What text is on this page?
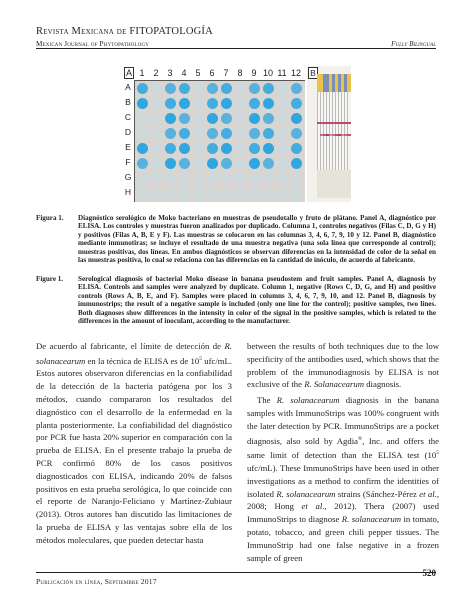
Revista Mexicana de FITOPATOLOGÍA
Mexican Journal of Phytopathology	Fully Bilingual
A 1 2 3 4 5 6 7 8 9 10 11 12
A
B
C
D
E
F
G
H
B
Figura 1. Diagnóstico serológico de Moko bacteriano en muestras de pseudotallo y fruto de plátano. Panel A, diagnóstico por ELISA. Los controles y muestras fueron analizados por duplicado. Columna 1, controles negativos (Filas C, D, G y H) y positivos (Filas A, B, E y F). Las muestras se colocaron en las columnas 3, 4, 6, 7, 9, 10 y 12. Panel B, diagnóstico mediante inmunotiras; se incluye el resultado de una muestra negativa (una sola línea que corresponde al control); muestras positivas, dos líneas. En ambos diagnósticos se observan diferencias en la intensidad de color de la señal en las muestras positiva, lo cual se relaciona con las diferencias en la cantidad de inóculo, de acuerdo al fabricante.
Figure 1. Serological diagnosis of bacterial Moko disease in banana pseudostem and fruit samples. Panel A, diagnosis by ELISA. Controls and samples were analyzed by duplicate. Column 1, negative (Rows C, D, G, and H) and positive controls (Rows A, B, E, and F). Samples were placed in columns 3, 4, 6, 7, 9, 10, and 12. Panel B, diagnosis by immunostrips; the result of a negative sample is included (only one line for the control); positive samples, two lines. Both diagnoses show differences in the intensity in color of the signal in the positive samples, which is related to the differences in the amount of inoculant, according to the manufacturer.

De acuerdo al fabricante, el límite de detección de R. solanacearum en la técnica de ELISA es de $10^5$ ufc/mL. Estos autores observaron diferencias en la confiabilidad de la detección de la bacteria patógena por los 3 métodos, cuando compararon los resultados del diagnóstico con el desarrollo de la enfermedad en la planta posteriormente. La confiabilidad del diagnóstico por PCR fue hasta 20% superior en comparación con la prueba de ELISA. En el presente trabajo la prueba de PCR confirmó 80% de los casos positivos diagnosticados con ELISA, indicando 20% de falsos positivos en esta prueba serológica, lo que coincide con el reporte de Naranjo-Feliciano y Martínez-Zubiaur (2013). Otros autores han discutido las limitaciones de la prueba de ELISA y las ventajas sobre ella de los métodos moleculares, que pueden detectar hasta

between the results of both techniques due to the low specificity of the antibodies used, which shows that the problem of the immunodiagnosis by ELISA is not exclusive of the R. Solanacearum diagnosis.

The R. solanacearum diagnosis in the banana samples with ImmunoStrips was 100% congruent with the later detection by PCR. ImmunoStrips are a pocket diagnosis, also sold by Agdia®, Inc. and offers the same limit of detection than the ELISA test ($10^5$ ufc/mL). These ImmunoStrips have been used in other investigations as a method to confirm the identities of isolated R. solanacearum strains (Sánchez-Pérez et al., 2008; Hong et al., 2012). Thera (2007) used ImmunoStrips to diagnose R. solanacearum in tomato, potato, tobacco, and green chili pepper tissues. The ImmunoStrip had one false negative in a frozen sample of green

Publicación en línea, Septiembre 2017
520
